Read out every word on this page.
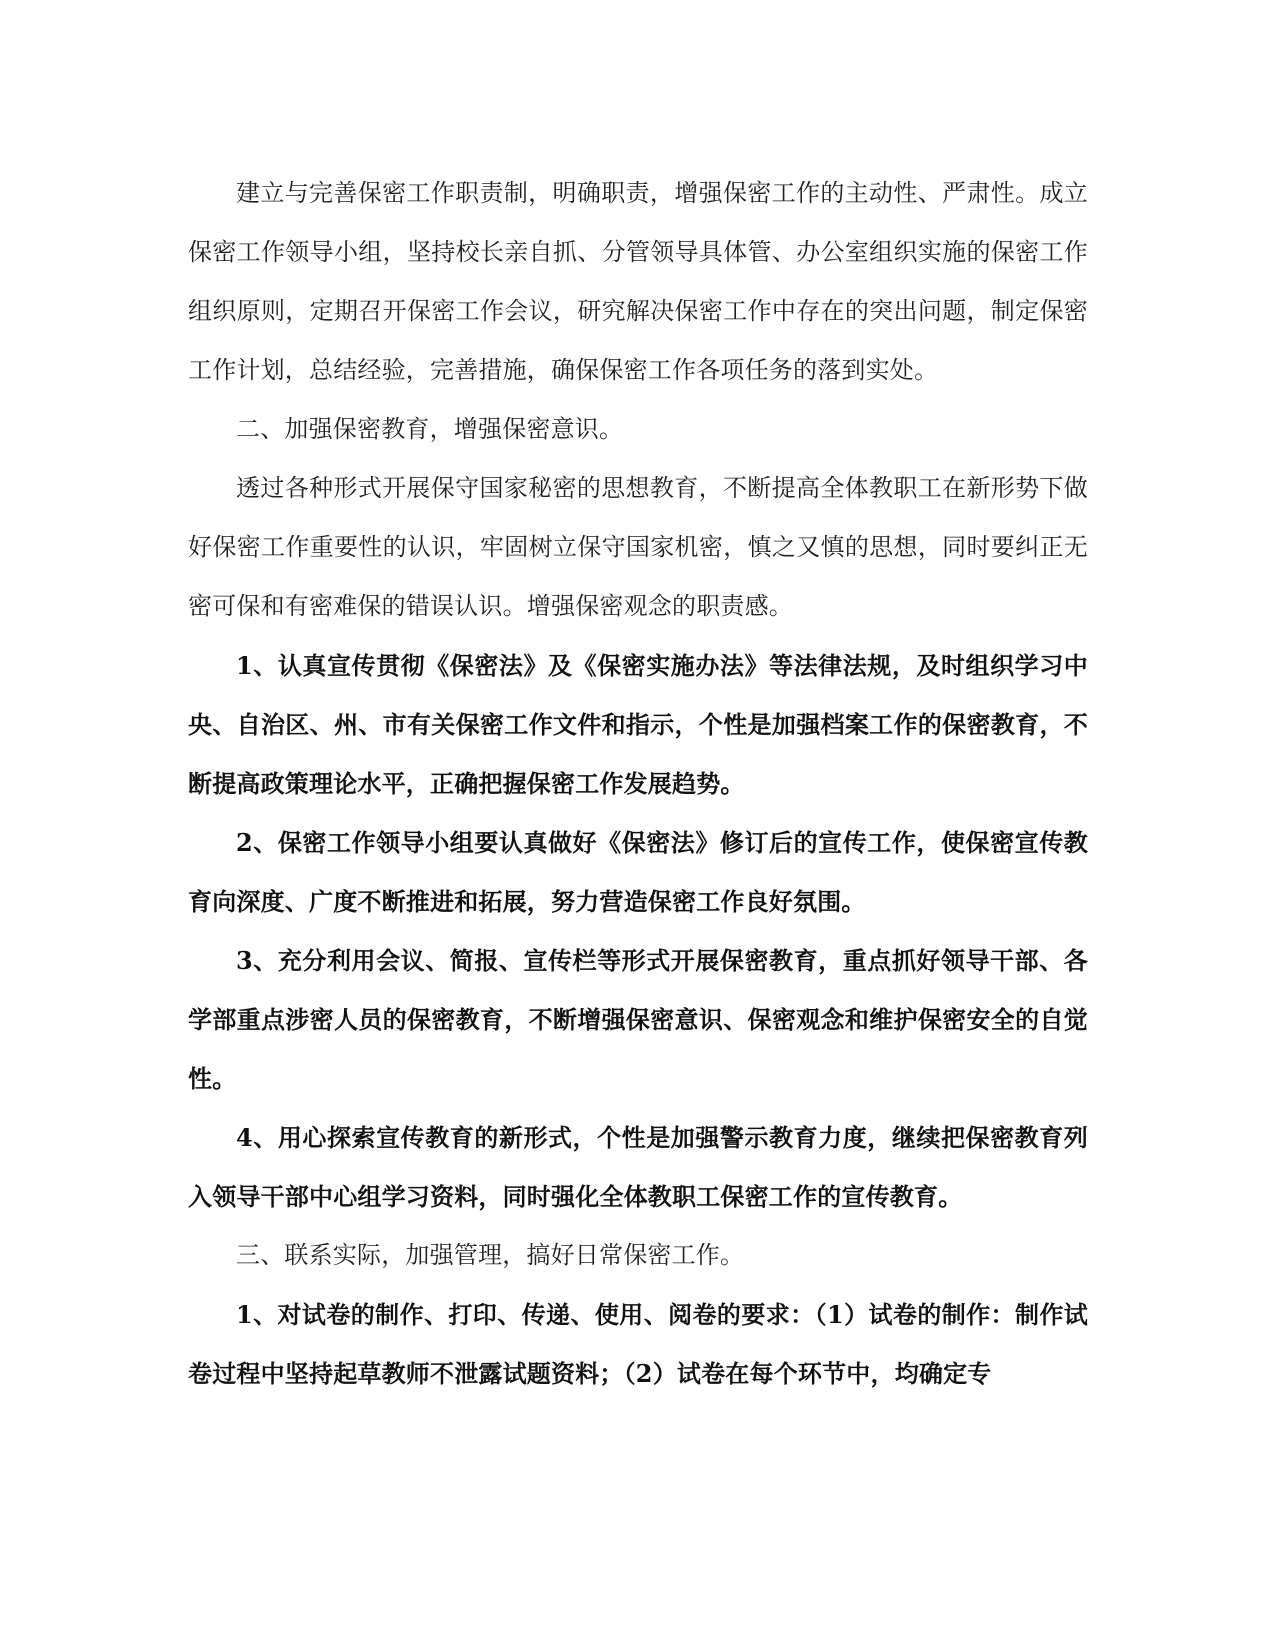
建立与完善保密工作职责制，明确职责，增强保密工作的主动性、严肃性。成立保密工作领导小组，坚持校长亲自抓、分管领导具体管、办公室组织实施的保密工作组织原则，定期召开保密工作会议，研究解决保密工作中存在的突出问题，制定保密工作计划，总结经验，完善措施，确保保密工作各项任务的落到实处。

二、加强保密教育，增强保密意识。

透过各种形式开展保守国家秘密的思想教育，不断提高全体教职工在新形势下做好保密工作重要性的认识，牢固树立保守国家机密，慎之又慎的思想，同时要纠正无密可保和有密难保的错误认识。增强保密观念的职责感。

1、认真宣传贯彻《保密法》及《保密实施办法》等法律法规，及时组织学习中央、自治区、州、市有关保密工作文件和指示，个性是加强档案工作的保密教育，不断提高政策理论水平，正确把握保密工作发展趋势。

2、保密工作领导小组要认真做好《保密法》修订后的宣传工作，使保密宣传教育向深度、广度不断推进和拓展，努力营造保密工作良好氛围。

3、充分利用会议、简报、宣传栏等形式开展保密教育，重点抓好领导干部、各学部重点涉密人员的保密教育，不断增强保密意识、保密观念和维护保密安全的自觉性。

4、用心探索宣传教育的新形式，个性是加强警示教育力度，继续把保密教育列入领导干部中心组学习资料，同时强化全体教职工保密工作的宣传教育。

三、联系实际，加强管理，搞好日常保密工作。

1、对试卷的制作、打印、传递、使用、阅卷的要求：（1）试卷的制作：制作试卷过程中坚持起草教师不泄露试题资料；（2）试卷在每个环节中，均确定专
